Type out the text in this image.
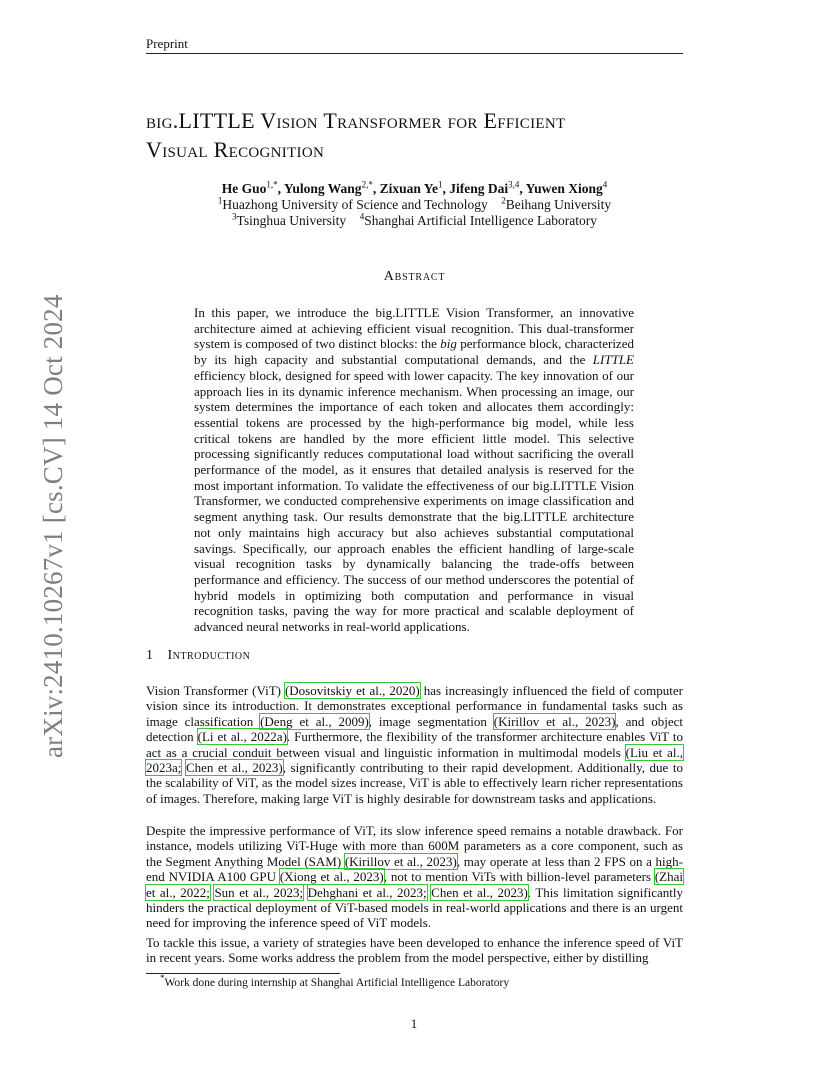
Preprint
big.LITTLE Vision Transformer for Efficient
Visual Recognition
He Guo$^{1,*}$, Yulong Wang$^{2,*}$, Zixuan Ye$^1$, Jifeng Dai$^{3,4}$, Yuwen Xiong$^4$
$^1$Huazhong University of Science and Technology $^2$Beihang University
$^3$Tsinghua University $^4$Shanghai Artificial Intelligence Laboratory
arXiv:2410.10267v1 [cs.CV] 14 Oct 2024
Abstract
In this paper, we introduce the big.LITTLE Vision Transformer, an innovative architecture aimed at achieving efficient visual recognition. This dual-transformer system is composed of two distinct blocks: the big performance block, characterized by its high capacity and substantial computational demands, and the LITTLE efficiency block, designed for speed with lower capacity. The key innovation of our approach lies in its dynamic inference mechanism. When processing an image, our system determines the importance of each token and allocates them accordingly: essential tokens are processed by the high-performance big model, while less critical tokens are handled by the more efficient little model. This selective processing significantly reduces computational load without sacrificing the overall performance of the model, as it ensures that detailed analysis is reserved for the most important information. To validate the effectiveness of our big.LITTLE Vision Transformer, we conducted comprehensive experiments on image classification and segment anything task. Our results demonstrate that the big.LITTLE architecture not only maintains high accuracy but also achieves substantial computational savings. Specifically, our approach enables the efficient handling of large-scale visual recognition tasks by dynamically balancing the trade-offs between performance and efficiency. The success of our method underscores the potential of hybrid models in optimizing both computation and performance in visual recognition tasks, paving the way for more practical and scalable deployment of advanced neural networks in real-world applications.
1 Introduction
Vision Transformer (ViT) (Dosovitskiy et al., 2020) has increasingly influenced the field of computer vision since its introduction. It demonstrates exceptional performance in fundamental tasks such as image classification (Deng et al., 2009), image segmentation (Kirillov et al., 2023), and object detection (Li et al., 2022a). Furthermore, the flexibility of the transformer architecture enables ViT to act as a crucial conduit between visual and linguistic information in multimodal models (Liu et al., 2023a; Chen et al., 2023), significantly contributing to their rapid development. Additionally, due to the scalability of ViT, as the model sizes increase, ViT is able to effectively learn richer representations of images. Therefore, making large ViT is highly desirable for downstream tasks and applications.
Despite the impressive performance of ViT, its slow inference speed remains a notable drawback. For instance, models utilizing ViT-Huge with more than 600M parameters as a core component, such as the Segment Anything Model (SAM) (Kirillov et al., 2023), may operate at less than 2 FPS on a high-end NVIDIA A100 GPU (Xiong et al., 2023), not to mention ViTs with billion-level parameters (Zhai et al., 2022; Sun et al., 2023; Dehghani et al., 2023; Chen et al., 2023). This limitation significantly hinders the practical deployment of ViT-based models in real-world applications and there is an urgent need for improving the inference speed of ViT models.
To tackle this issue, a variety of strategies have been developed to enhance the inference speed of ViT in recent years. Some works address the problem from the model perspective, either by distilling
*Work done during internship at Shanghai Artificial Intelligence Laboratory
1
